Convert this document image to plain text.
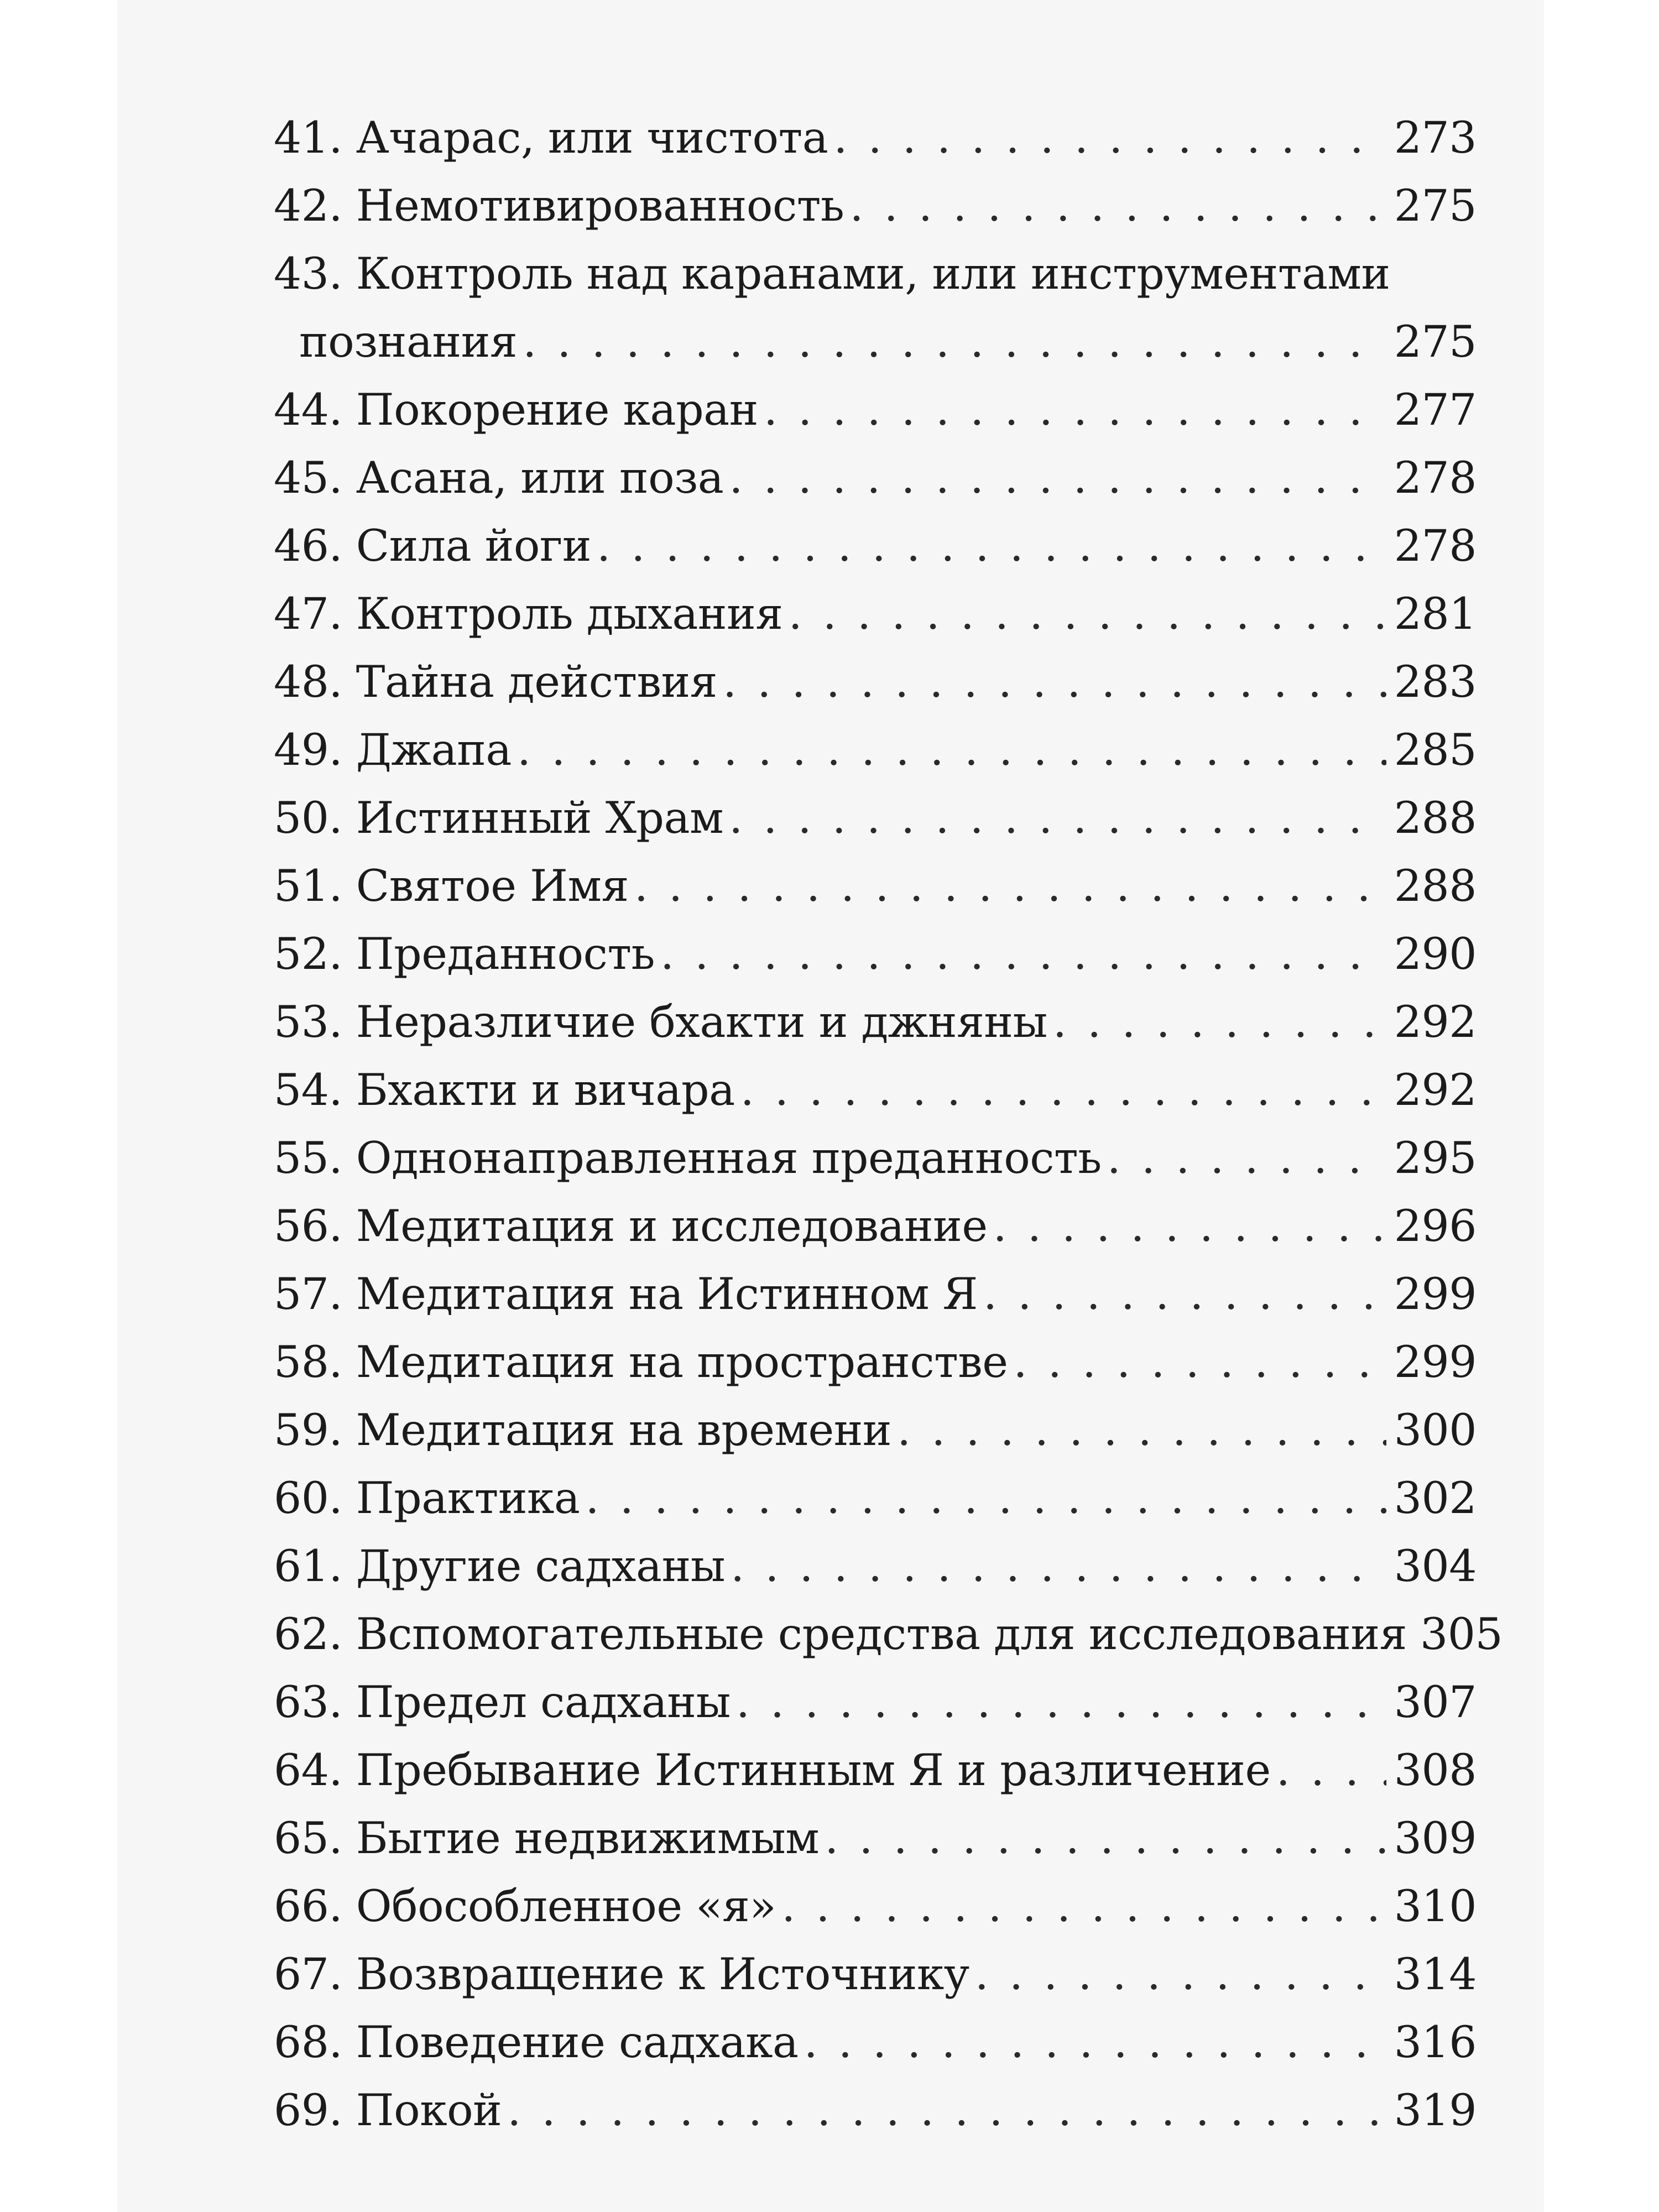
41. Ачарас, или чистота . . .	273
42. Немотивированность . . .	275
43. Контроль над каранами, или инструментами
познания . . .	275
44. Покорение каран . . .	277
45. Асана, или поза . . .	278
46. Сила йоги . . .	278
47. Контроль дыхания . . .	281
48. Тайна действия . . .	283
49. Джапа . . .	285
50. Истинный Храм . . .	288
51. Святое Имя . . .	288
52. Преданность . . .	290
53. Неразличие бхакти и джняны . . .	292
54. Бхакти и вичара . . .	292
55. Однонаправленная преданность . . .	295
56. Медитация и исследование . . .	296
57. Медитация на Истинном Я . . .	299
58. Медитация на пространстве . . .	299
59. Медитация на времени . . .	300
60. Практика . . .	302
61. Другие садханы . . .	304
62. Вспомогательные средства для исследования 305
63. Предел садханы . . .	307
64. Пребывание Истинным Я и различение . . .	308
65. Бытие недвижимым . . .	309
66. Обособленное «я» . . .	310
67. Возвращение к Источнику . . .	314
68. Поведение садхака . . .	316
69. Покой . . .	319
